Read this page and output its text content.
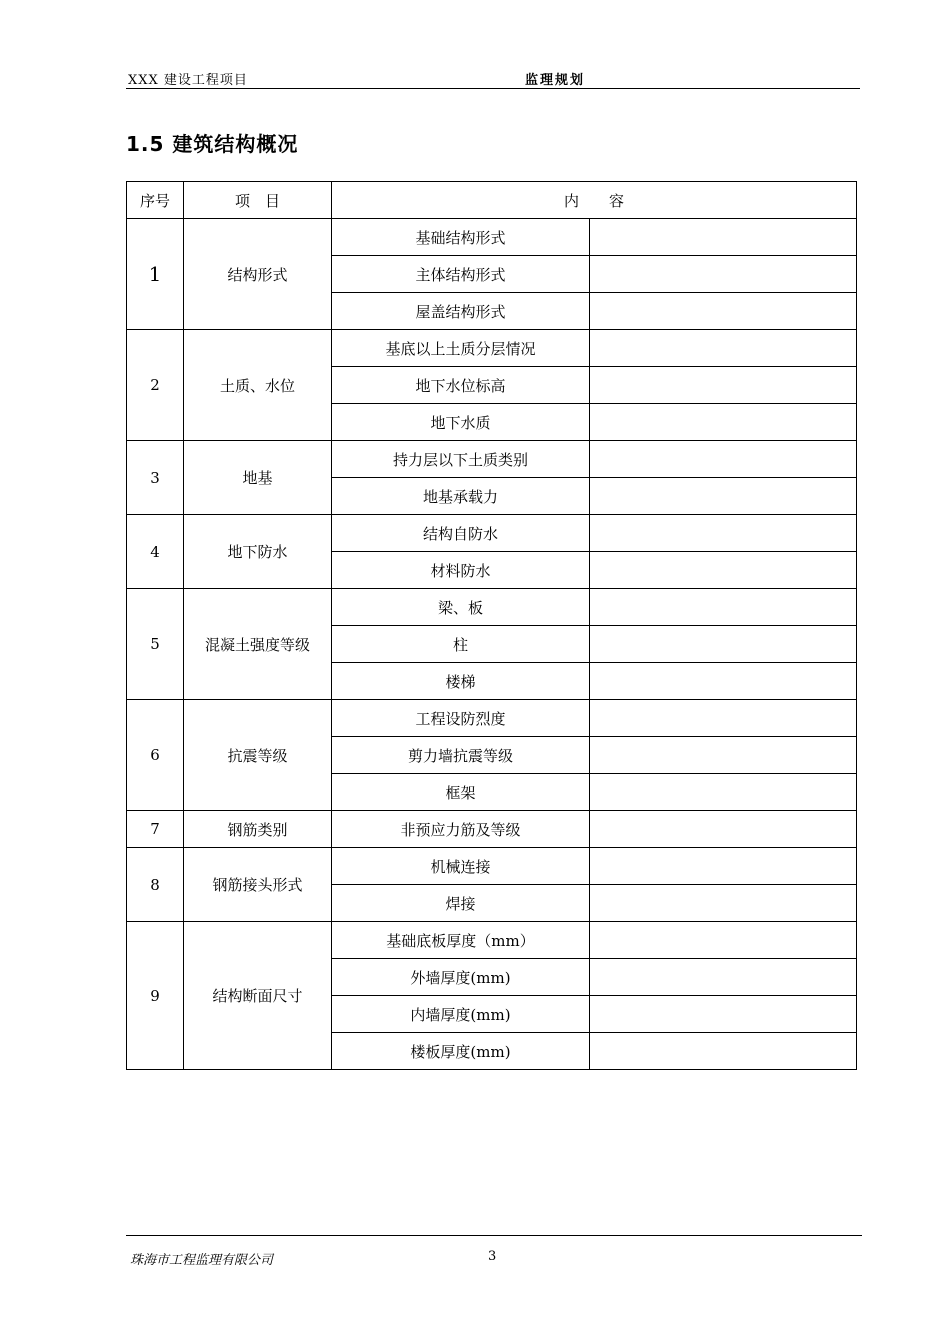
XXX 建设工程项目	监理规划
1.5 建筑结构概况
序号	项　目	内　　容	
1	结构形式	基础结构形式	
		主体结构形式	
		屋盖结构形式	
2	土质、水位	基底以上土质分层情况	
		地下水位标高	
		地下水质	
3	地基	持力层以下土质类别	
		地基承载力	
4	地下防水	结构自防水	
		材料防水	
5	混凝土强度等级	梁、板	
		柱	
		楼梯	
6	抗震等级	工程设防烈度	
		剪力墙抗震等级	
		框架	
7	钢筋类别	非预应力筋及等级	
8	钢筋接头形式	机械连接	
		焊接	
9	结构断面尺寸	基础底板厚度（mm）	
		外墙厚度(mm)	
		内墙厚度(mm)	
		楼板厚度(mm)	
珠海市工程监理有限公司	3
